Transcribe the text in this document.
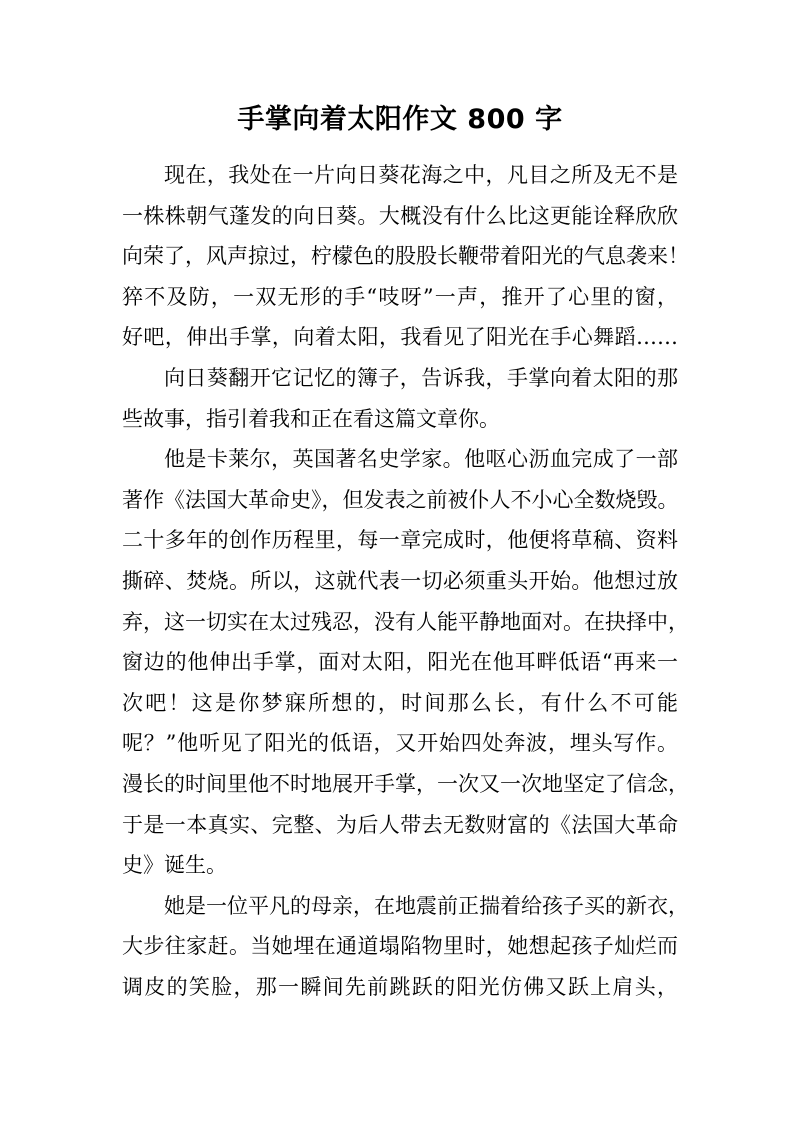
手掌向着太阳作文 800 字
现在，我处在一片向日葵花海之中，凡目之所及无不是
一株株朝气蓬发的向日葵。大概没有什么比这更能诠释欣欣
向荣了，风声掠过，柠檬色的股股长鞭带着阳光的气息袭来！
猝不及防，一双无形的手“吱呀”一声，推开了心里的窗，
好吧，伸出手掌，向着太阳，我看见了阳光在手心舞蹈……
向日葵翻开它记忆的簿子，告诉我，手掌向着太阳的那
些故事，指引着我和正在看这篇文章你。
他是卡莱尔，英国著名史学家。他呕心沥血完成了一部
著作《法国大革命史》，但发表之前被仆人不小心全数烧毁。
二十多年的创作历程里，每一章完成时，他便将草稿、资料
撕碎、焚烧。所以，这就代表一切必须重头开始。他想过放
弃，这一切实在太过残忍，没有人能平静地面对。在抉择中，
窗边的他伸出手掌，面对太阳，阳光在他耳畔低语“再来一
次吧！这是你梦寐所想的，时间那么长，有什么不可能
呢？”他听见了阳光的低语，又开始四处奔波，埋头写作。
漫长的时间里他不时地展开手掌，一次又一次地坚定了信念，
于是一本真实、完整、为后人带去无数财富的《法国大革命
史》诞生。
她是一位平凡的母亲，在地震前正揣着给孩子买的新衣，
大步往家赶。当她埋在通道塌陷物里时，她想起孩子灿烂而
调皮的笑脸，那一瞬间先前跳跃的阳光仿佛又跃上肩头，
